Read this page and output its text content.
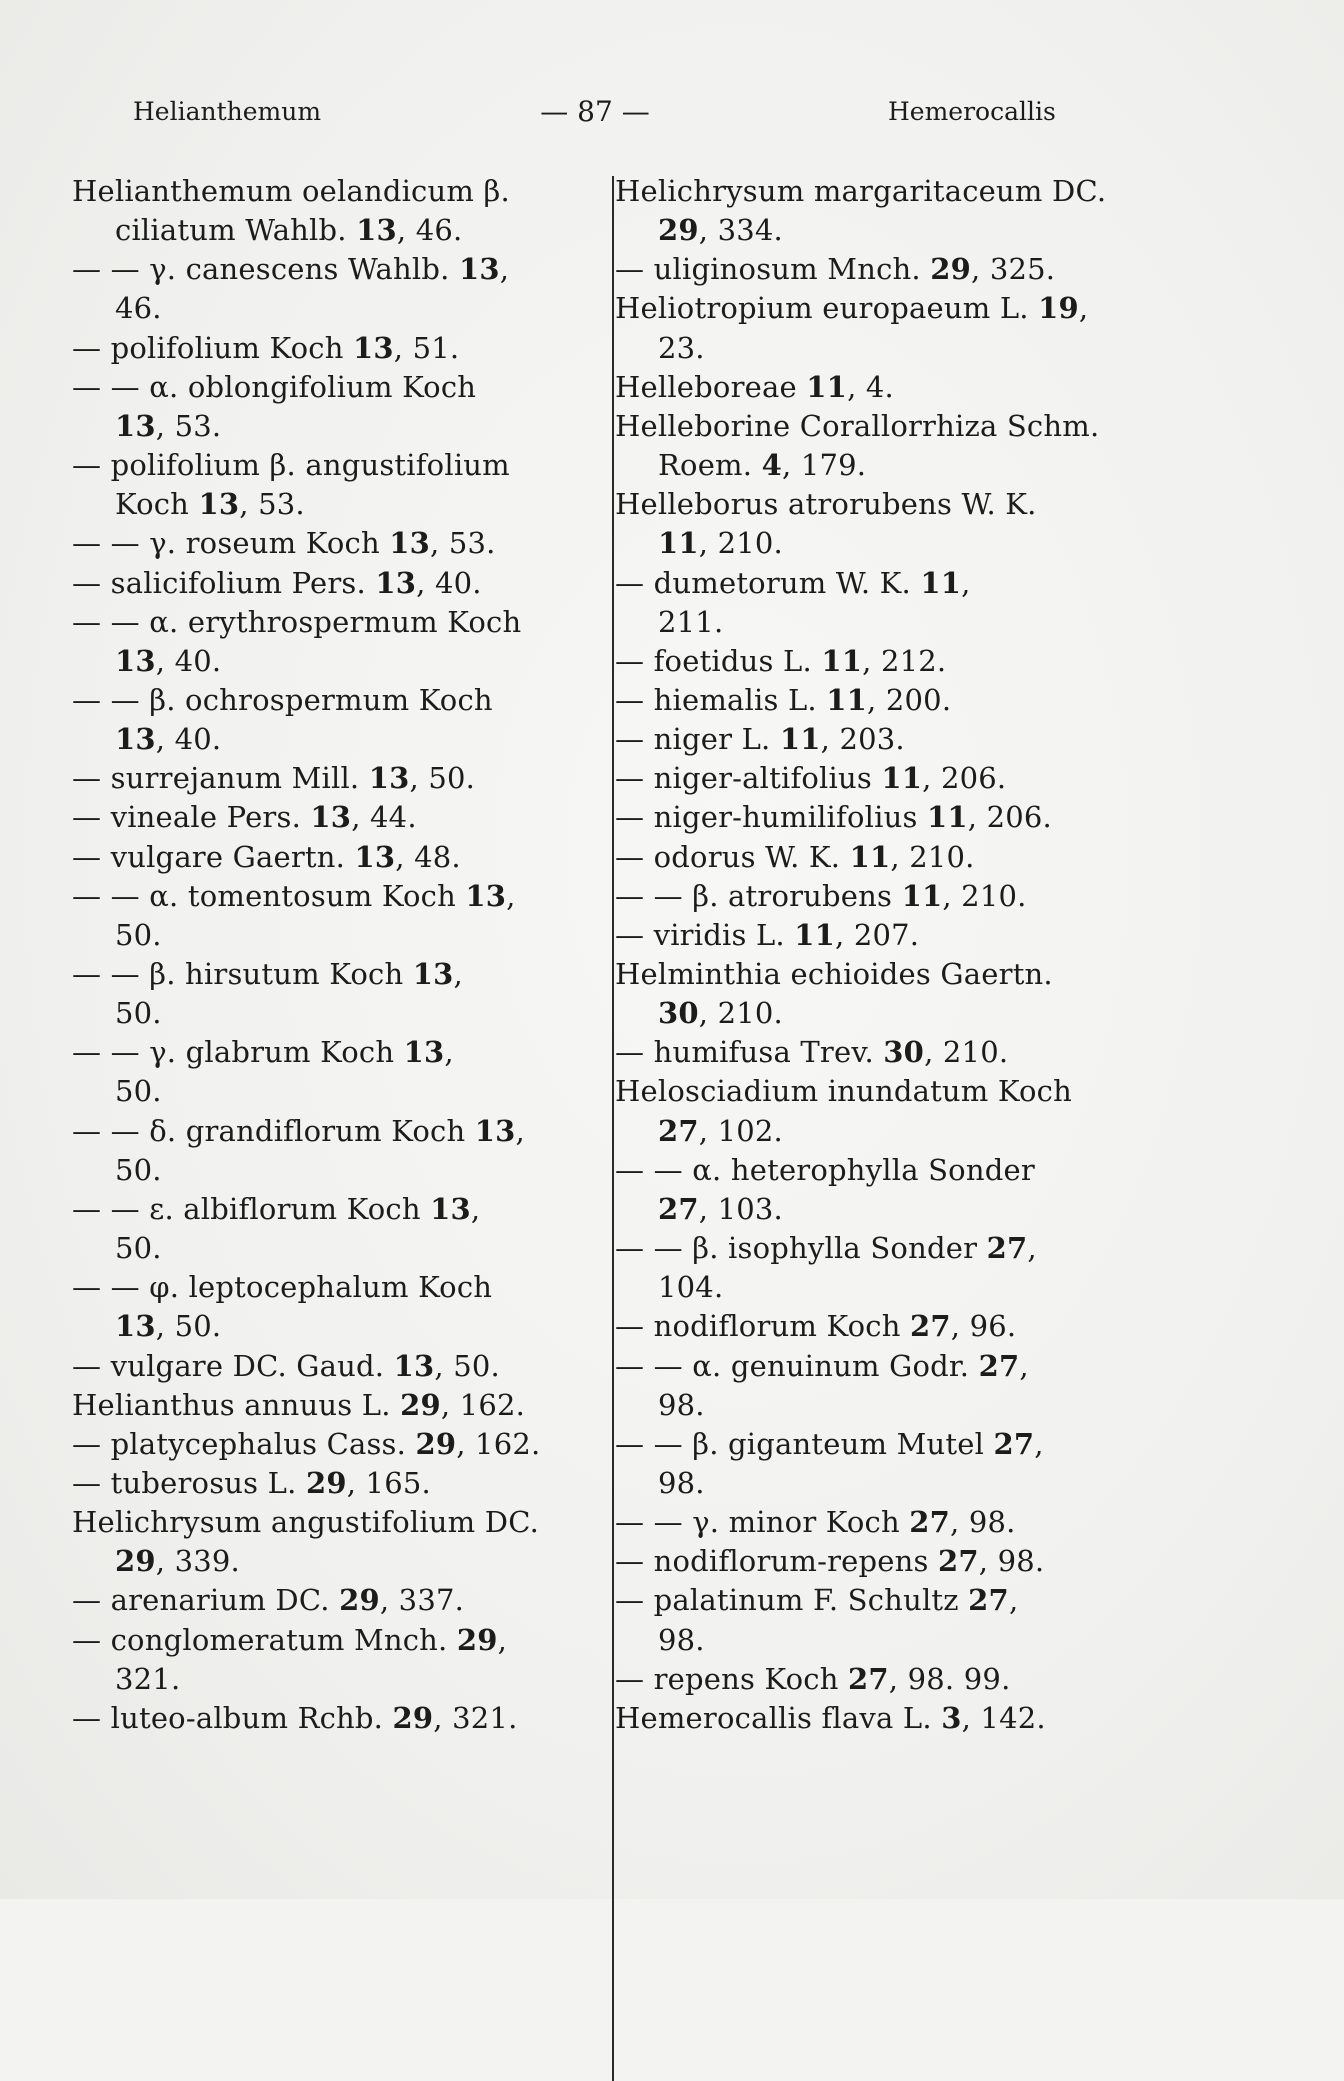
Helianthemum	— 87 —	Hemerocallis
Helianthemum oelandicum β.
ciliatum Wahlb. 13, 46.
— — γ. canescens Wahlb. 13,
46.
— polifolium Koch 13, 51.
— — α. oblongifolium Koch
13, 53.
— polifolium β. angustifolium
Koch 13, 53.
— — γ. roseum Koch 13, 53.
— salicifolium Pers. 13, 40.
— — α. erythrospermum Koch
13, 40.
— — β. ochrospermum Koch
13, 40.
— surrejanum Mill. 13, 50.
— vineale Pers. 13, 44.
— vulgare Gaertn. 13, 48.
— — α. tomentosum Koch 13,
50.
— — β. hirsutum Koch 13,
50.
— — γ. glabrum Koch 13,
50.
— — δ. grandiflorum Koch 13,
50.
— — ε. albiflorum Koch 13,
50.
— — φ. leptocephalum Koch
13, 50.
— vulgare DC. Gaud. 13, 50.
Helianthus annuus L. 29, 162.
— platycephalus Cass. 29, 162.
— tuberosus L. 29, 165.
Helichrysum angustifolium DC.
29, 339.
— arenarium DC. 29, 337.
— conglomeratum Mnch. 29,
321.
— luteo-album Rchb. 29, 321.
Helichrysum margaritaceum DC.
29, 334.
— uliginosum Mnch. 29, 325.
Heliotropium europaeum L. 19,
23.
Helleboreae 11, 4.
Helleborine Corallorrhiza Schm.
Roem. 4, 179.
Helleborus atrorubens W. K.
11, 210.
— dumetorum W. K. 11,
211.
— foetidus L. 11, 212.
— hiemalis L. 11, 200.
— niger L. 11, 203.
— niger-altifolius 11, 206.
— niger-humilifolius 11, 206.
— odorus W. K. 11, 210.
— — β. atrorubens 11, 210.
— viridis L. 11, 207.
Helminthia echioides Gaertn.
30, 210.
— humifusa Trev. 30, 210.
Helosciadium inundatum Koch
27, 102.
— — α. heterophylla Sonder
27, 103.
— — β. isophylla Sonder 27,
104.
— nodiflorum Koch 27, 96.
— — α. genuinum Godr. 27,
98.
— — β. giganteum Mutel 27,
98.
— — γ. minor Koch 27, 98.
— nodiflorum-repens 27, 98.
— palatinum F. Schultz 27,
98.
— repens Koch 27, 98. 99.
Hemerocallis flava L. 3, 142.
